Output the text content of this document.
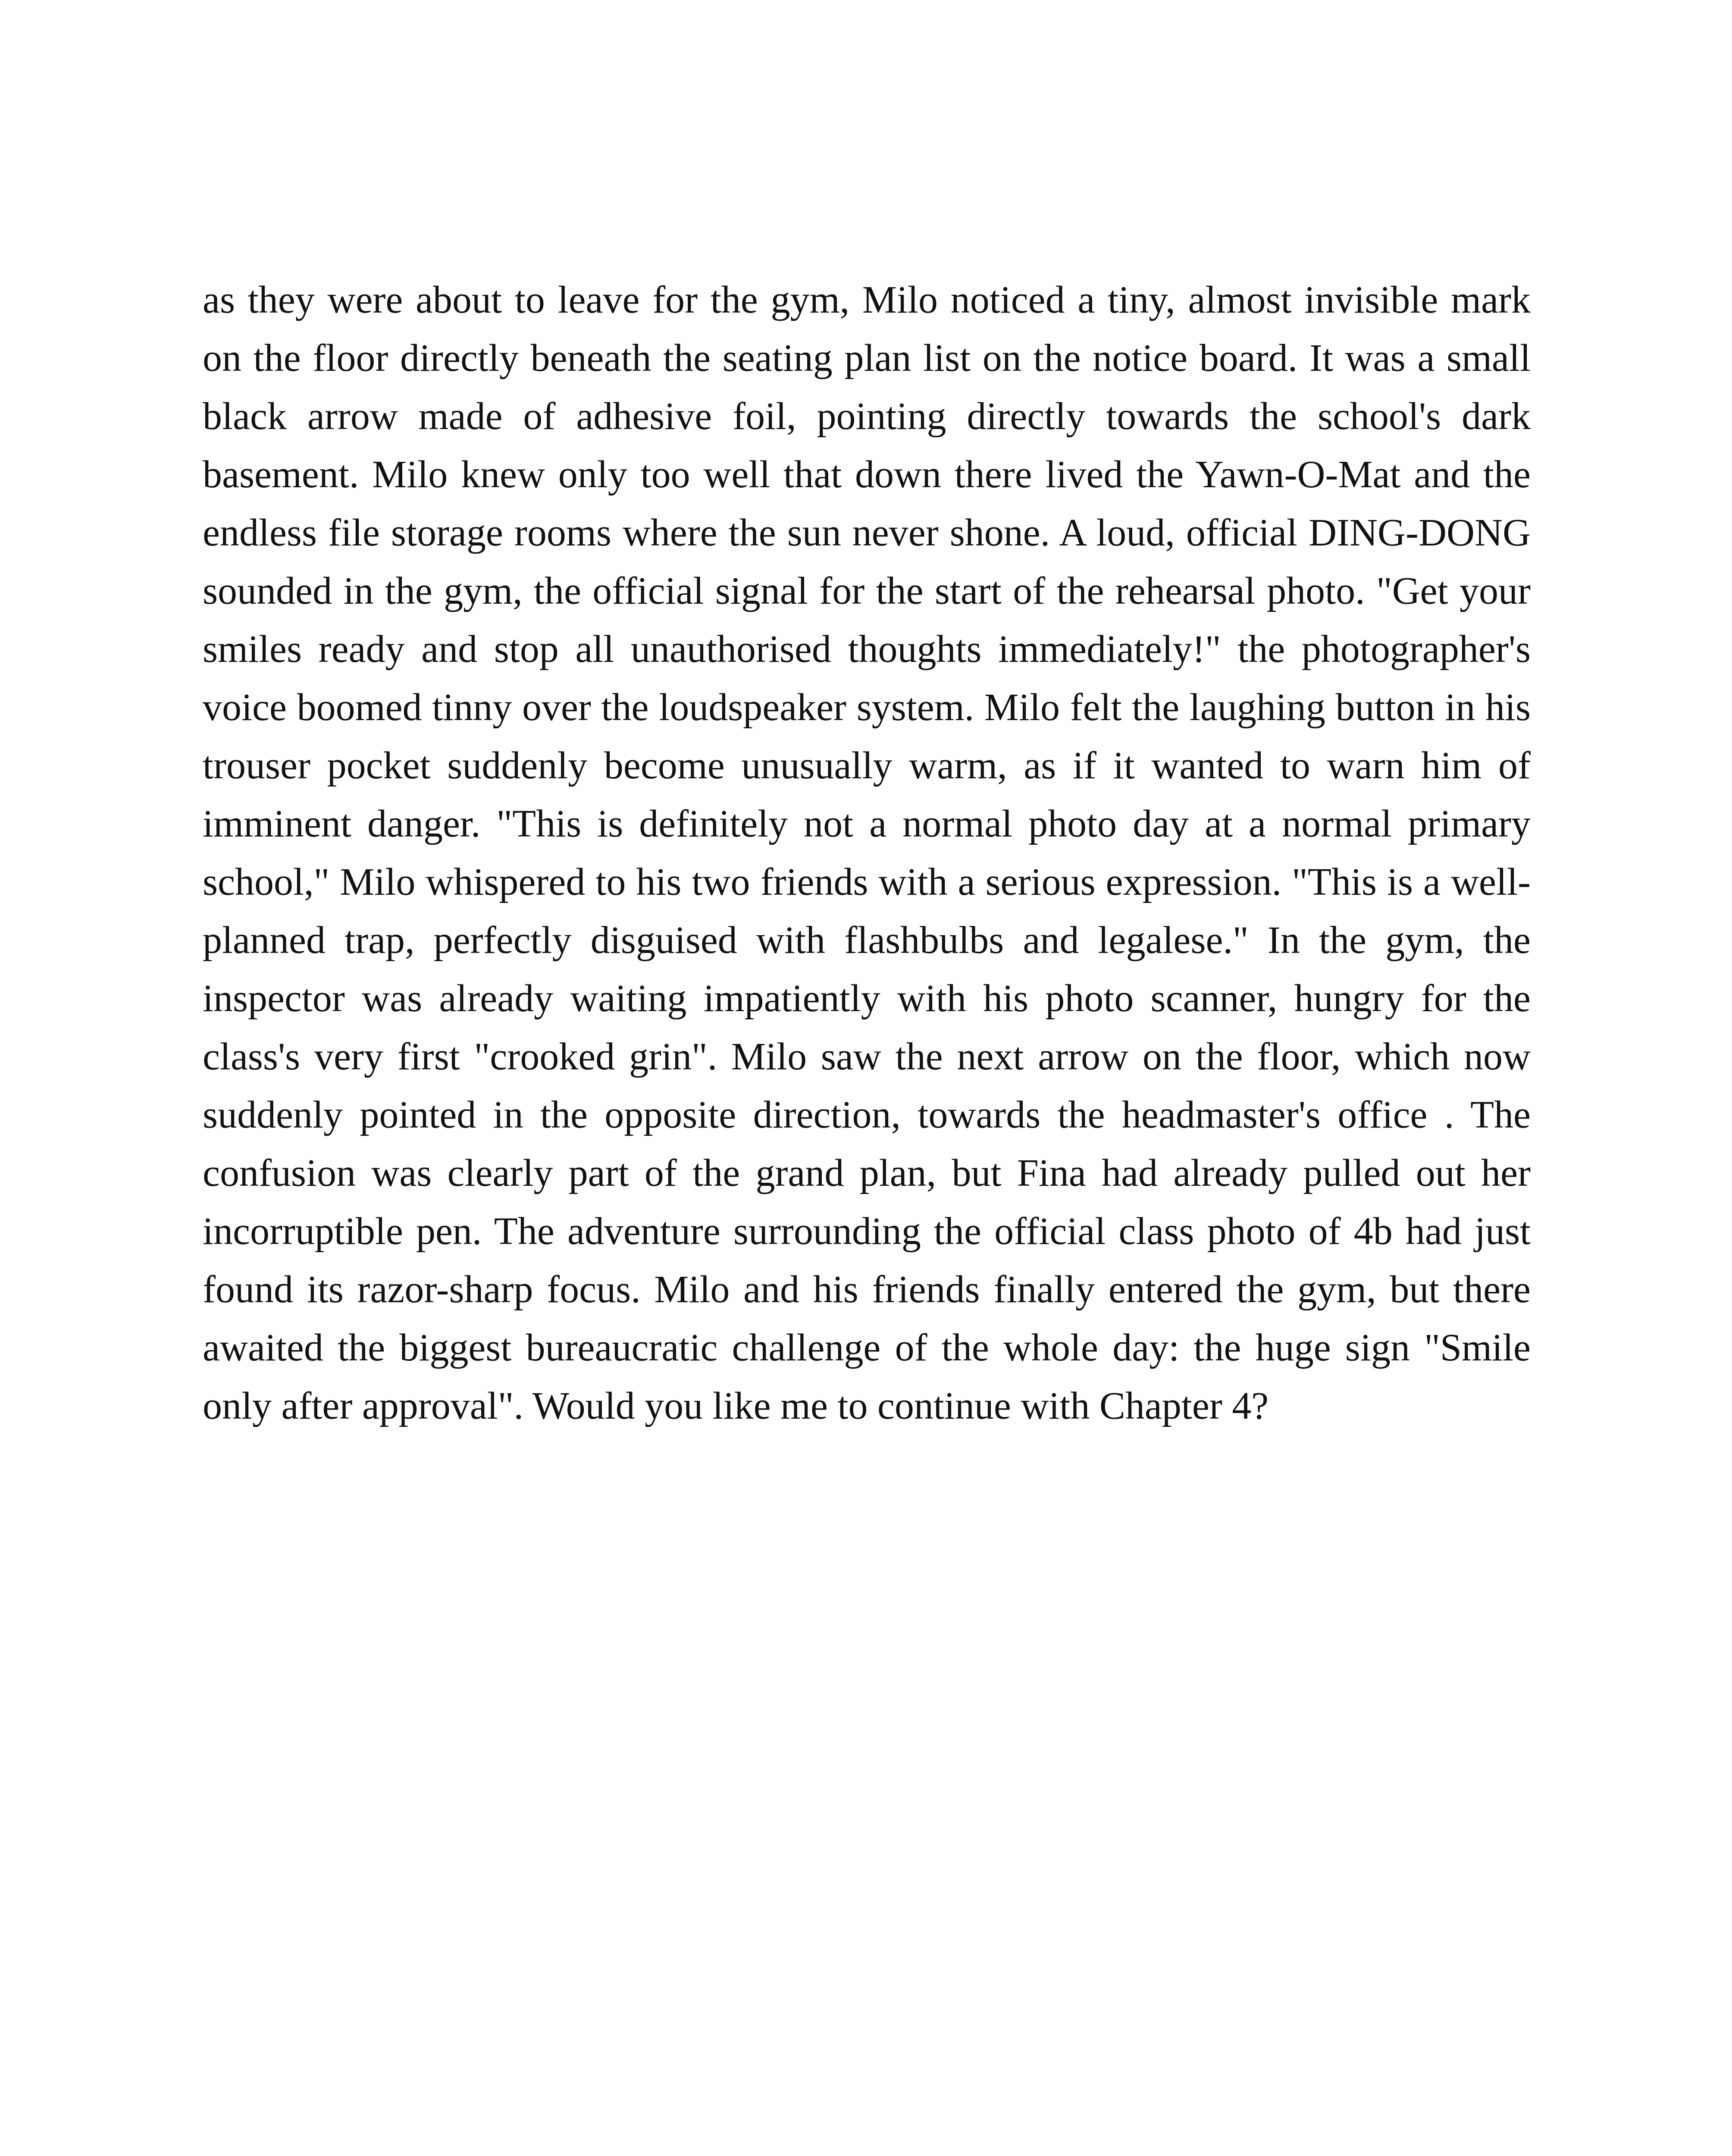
as they were about to leave for the gym, Milo noticed a tiny, almost invisible mark on the floor directly beneath the seating plan list on the notice board. It was a small black arrow made of adhesive foil, pointing directly towards the school's dark basement. Milo knew only too well that down there lived the Yawn-O-Mat and the endless file storage rooms where the sun never shone. A loud, official DING-DONG sounded in the gym, the official signal for the start of the rehearsal photo. "Get your smiles ready and stop all unauthorised thoughts immediately!" the photographer's voice boomed tinny over the loudspeaker system. Milo felt the laughing button in his trouser pocket suddenly become unusually warm, as if it wanted to warn him of imminent danger. "This is definitely not a normal photo day at a normal primary school," Milo whispered to his two friends with a serious expression. "This is a well-planned trap, perfectly disguised with flashbulbs and legalese." In the gym, the inspector was already waiting impatiently with his photo scanner, hungry for the class's very first "crooked grin". Milo saw the next arrow on the floor, which now suddenly pointed in the opposite direction, towards the headmaster's office . The confusion was clearly part of the grand plan, but Fina had already pulled out her incorruptible pen. The adventure surrounding the official class photo of 4b had just found its razor-sharp focus. Milo and his friends finally entered the gym, but there awaited the biggest bureaucratic challenge of the whole day: the huge sign "Smile only after approval". Would you like me to continue with Chapter 4?
